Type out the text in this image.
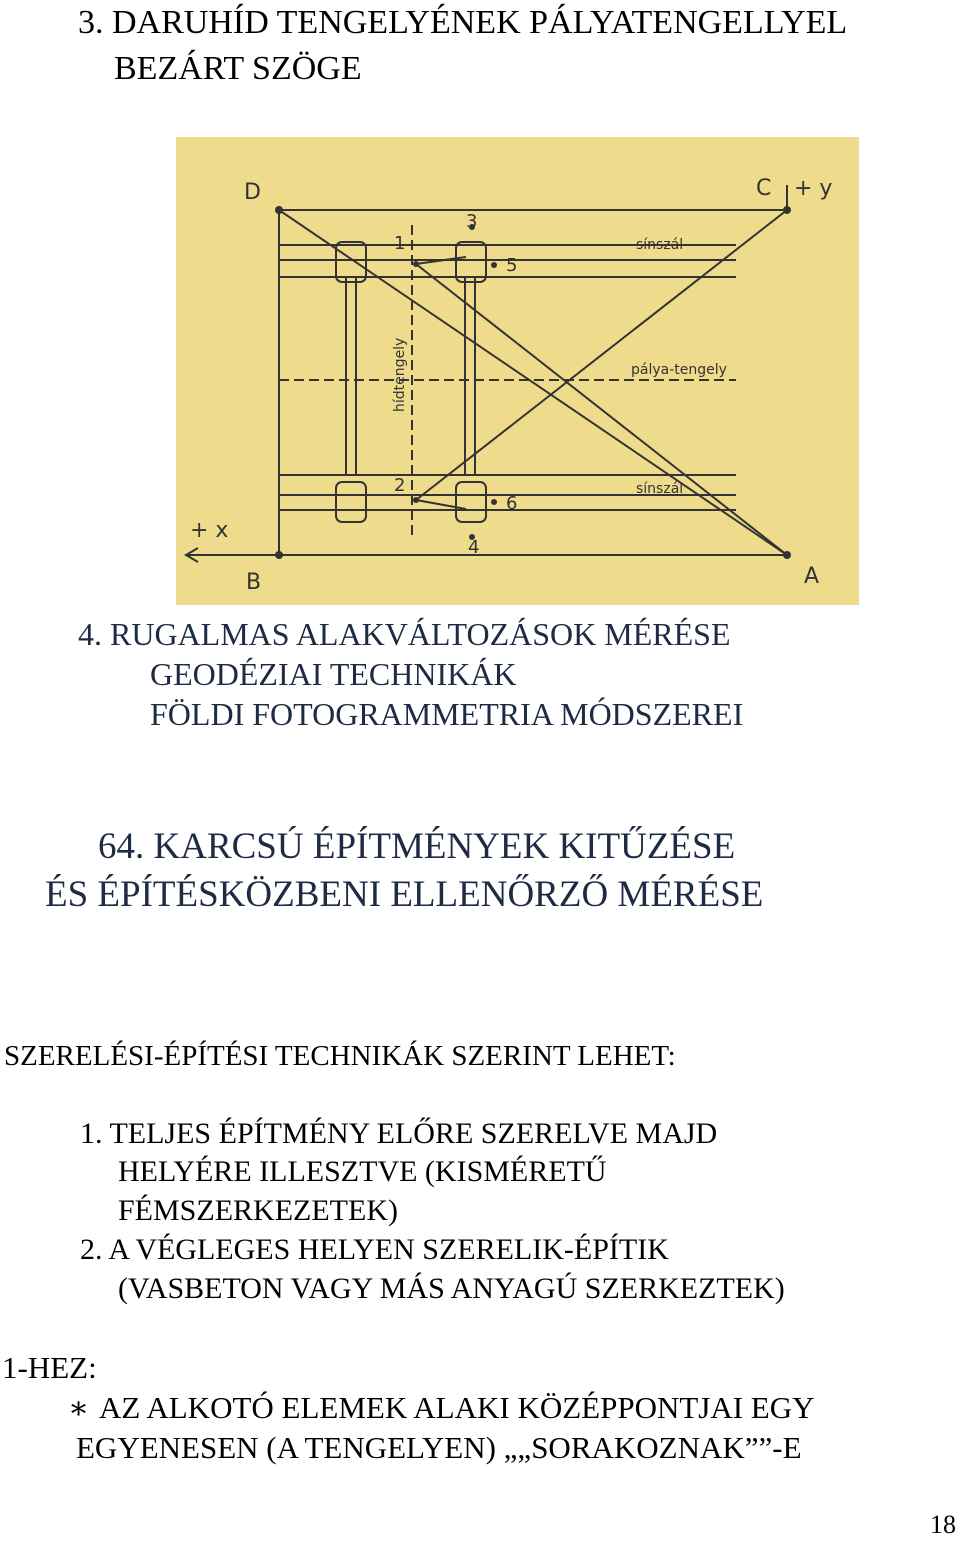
3. DARUHÍD TENGELYÉNEK PÁLYATENGELLYEL
BEZÁRT SZÖGE
D	C + y
B	A
+ x
1
2
3
4
5
6
sínszál
sínszál
pálya-tengely
hídtengely
4. RUGALMAS ALAKVÁLTOZÁSOK MÉRÉSE
GEODÉZIAI TECHNIKÁK
FÖLDI FOTOGRAMMETRIA MÓDSZEREI
64. KARCSÚ ÉPÍTMÉNYEK KITŰZÉSE
ÉS ÉPÍTÉSKÖZBENI ELLENŐRZŐ MÉRÉSE
SZERELÉSI-ÉPÍTÉSI TECHNIKÁK SZERINT LEHET:
1. TELJES ÉPÍTMÉNY ELŐRE SZERELVE MAJD
HELYÉRE ILLESZTVE (KISMÉRETŰ
FÉMSZERKEZETEK)
2. A VÉGLEGES HELYEN SZERELIK-ÉPÍTIK
(VASBETON VAGY MÁS ANYAGÚ SZERKEZTEK)
1-HEZ:
∗ AZ ALKOTÓ ELEMEK ALAKI KÖZÉPPONTJAI EGY
EGYENESEN (A TENGELYEN) „„SORAKOZNAK””-E
18
